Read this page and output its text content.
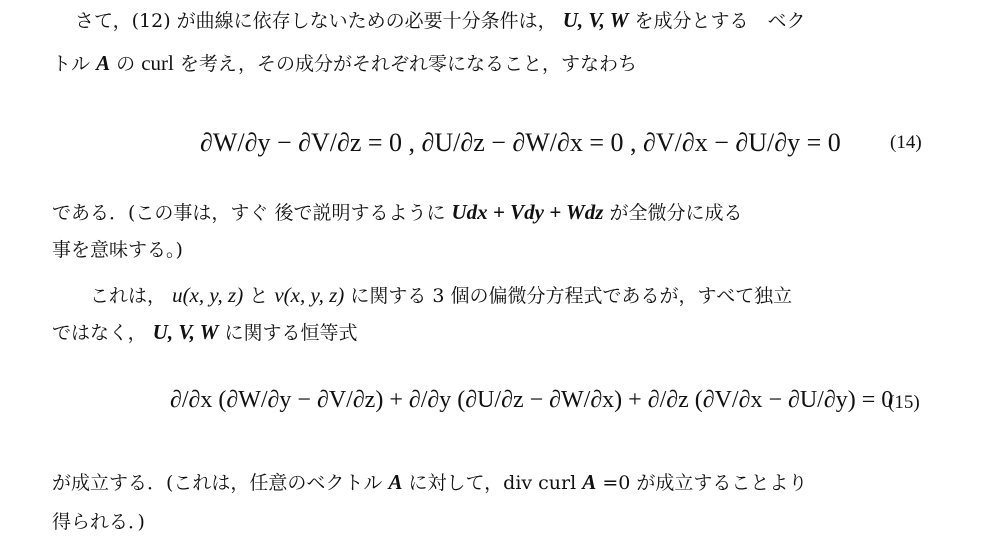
さて，(12) が曲線に依存しないための必要十分条件は， U, V, W を成分とする　ベク
トル A の curl を考え，その成分がそれぞれ零になること，すなわち
∂W/∂y − ∂V/∂z = 0 , ∂U/∂z − ∂W/∂x = 0 , ∂V/∂x − ∂U/∂y = 0	(14)
である．(この事は，すぐ 後で説明するように Udx + Vdy + Wdz が全微分に成る
事を意味する。)
これは， u(x, y, z) と v(x, y, z) に関する 3 個の偏微分方程式であるが，すべて独立
ではなく， U, V, W に関する恒等式
∂/∂x (∂W/∂y − ∂V/∂z) + ∂/∂y (∂U/∂z − ∂W/∂x) + ∂/∂z (∂V/∂x − ∂U/∂y) = 0
(15)
が成立する．(これは，任意のベクトル A に対して，div curl A =0 が成立することより
得られる．)
